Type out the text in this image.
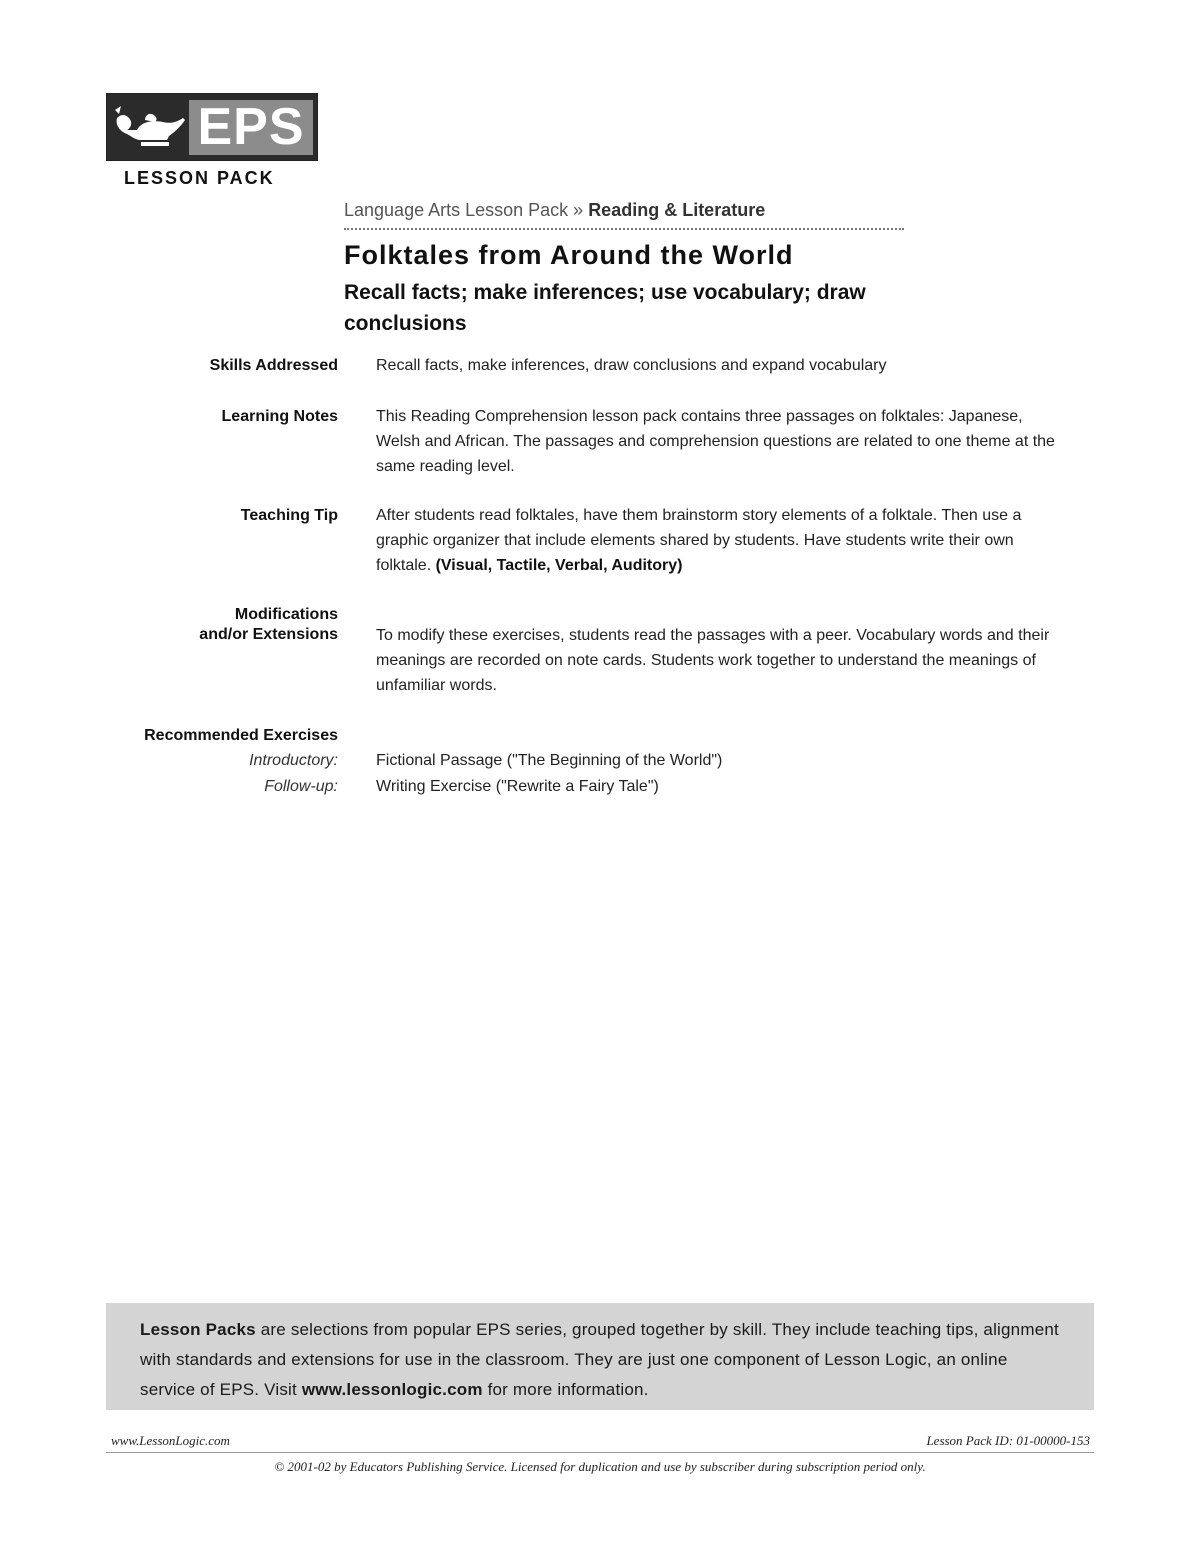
EPS
LESSON PACK
Language Arts Lesson Pack » Reading & Literature
Folktales from Around the World
Recall facts; make inferences; use vocabulary; draw conclusions
Skills Addressed Recall facts, make inferences, draw conclusions and expand vocabulary
Learning Notes This Reading Comprehension lesson pack contains three passages on folktales: Japanese, Welsh and African. The passages and comprehension questions are related to one theme at the same reading level.
Teaching Tip After students read folktales, have them brainstorm story elements of a folktale. Then use a graphic organizer that include elements shared by students. Have students write their own folktale. (Visual, Tactile, Verbal, Auditory)
Modifications
and/or Extensions To modify these exercises, students read the passages with a peer. Vocabulary words and their meanings are recorded on note cards. Students work together to understand the meanings of unfamiliar words.
Recommended Exercises
Introductory: Fictional Passage ("The Beginning of the World")
Follow-up: Writing Exercise ("Rewrite a Fairy Tale")
Lesson Packs are selections from popular EPS series, grouped together by skill. They include teaching tips, alignment with standards and extensions for use in the classroom. They are just one component of Lesson Logic, an online service of EPS. Visit www.lessonlogic.com for more information.
www.LessonLogic.com	Lesson Pack ID: 01-00000-153
© 2001-02 by Educators Publishing Service. Licensed for duplication and use by subscriber during subscription period only.
